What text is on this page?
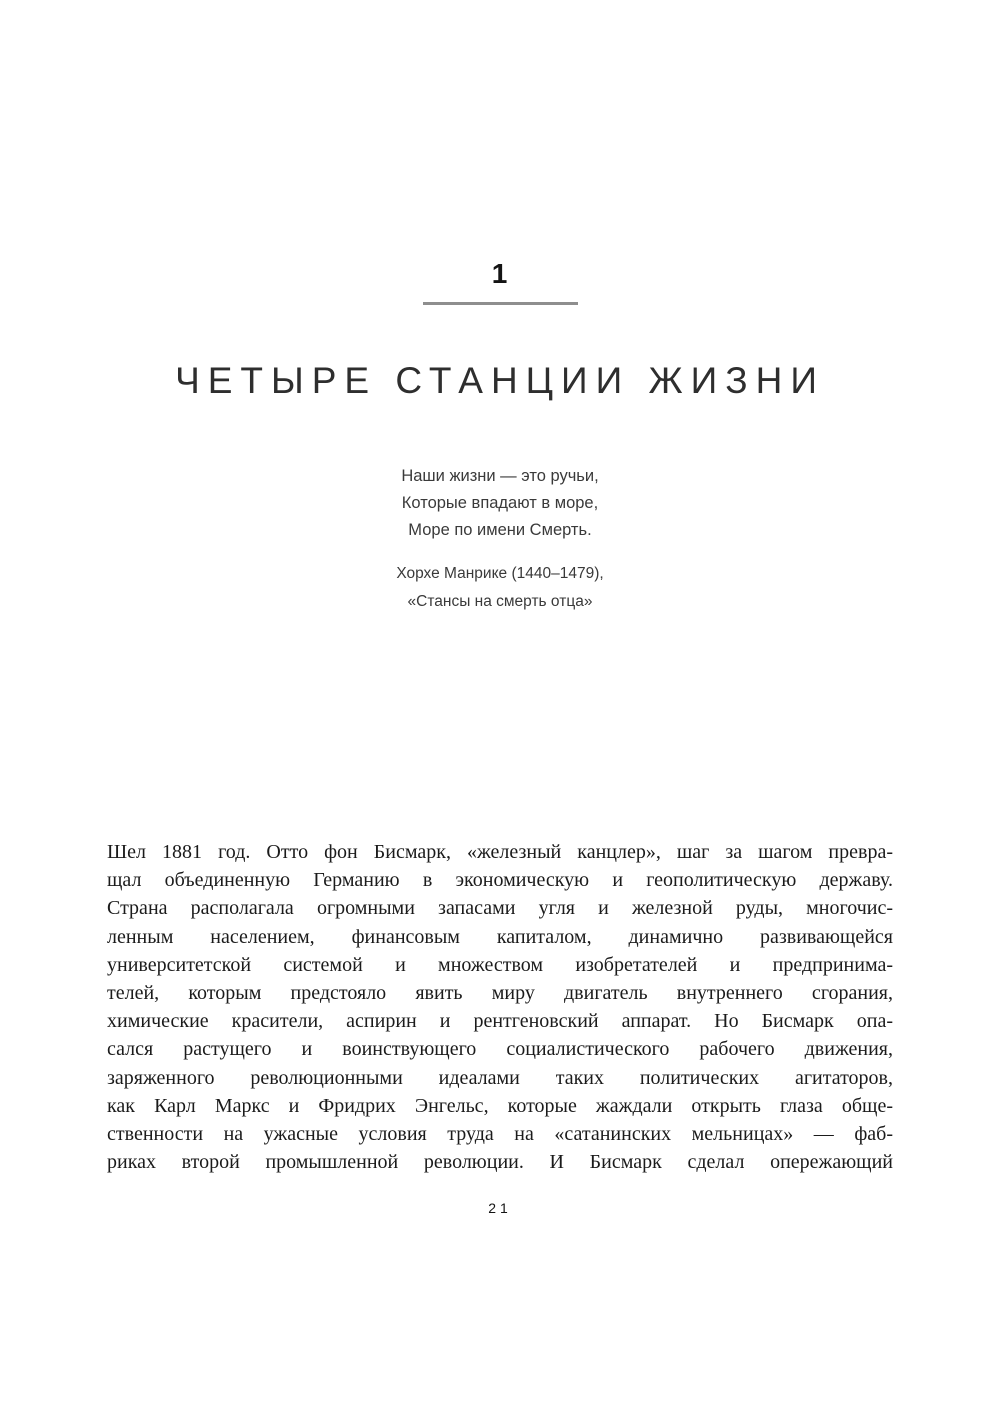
1
ЧЕТЫРЕ СТАНЦИИ ЖИЗНИ
Наши жизни — это ручьи,
Которые впадают в море,
Море по имени Смерть.
Хорхе Манрике (1440–1479),
«Стансы на смерть отца»
Шел 1881 год. Отто фон Бисмарк, «железный канцлер», шаг за шагом превра-
щал объединенную Германию в экономическую и геополитическую державу.
Страна располагала огромными запасами угля и железной руды, многочис-
ленным населением, финансовым капиталом, динамично развивающейся
университетской системой и множеством изобретателей и предпринима-
телей, которым предстояло явить миру двигатель внутреннего сгорания,
химические красители, аспирин и рентгеновский аппарат. Но Бисмарк опа-
сался растущего и воинствующего социалистического рабочего движения,
заряженного революционными идеалами таких политических агитаторов,
как Карл Маркс и Фридрих Энгельс, которые жаждали открыть глаза обще-
ственности на ужасные условия труда на «сатанинских мельницах» — фаб-
риках второй промышленной революции. И Бисмарк сделал опережающий
21
